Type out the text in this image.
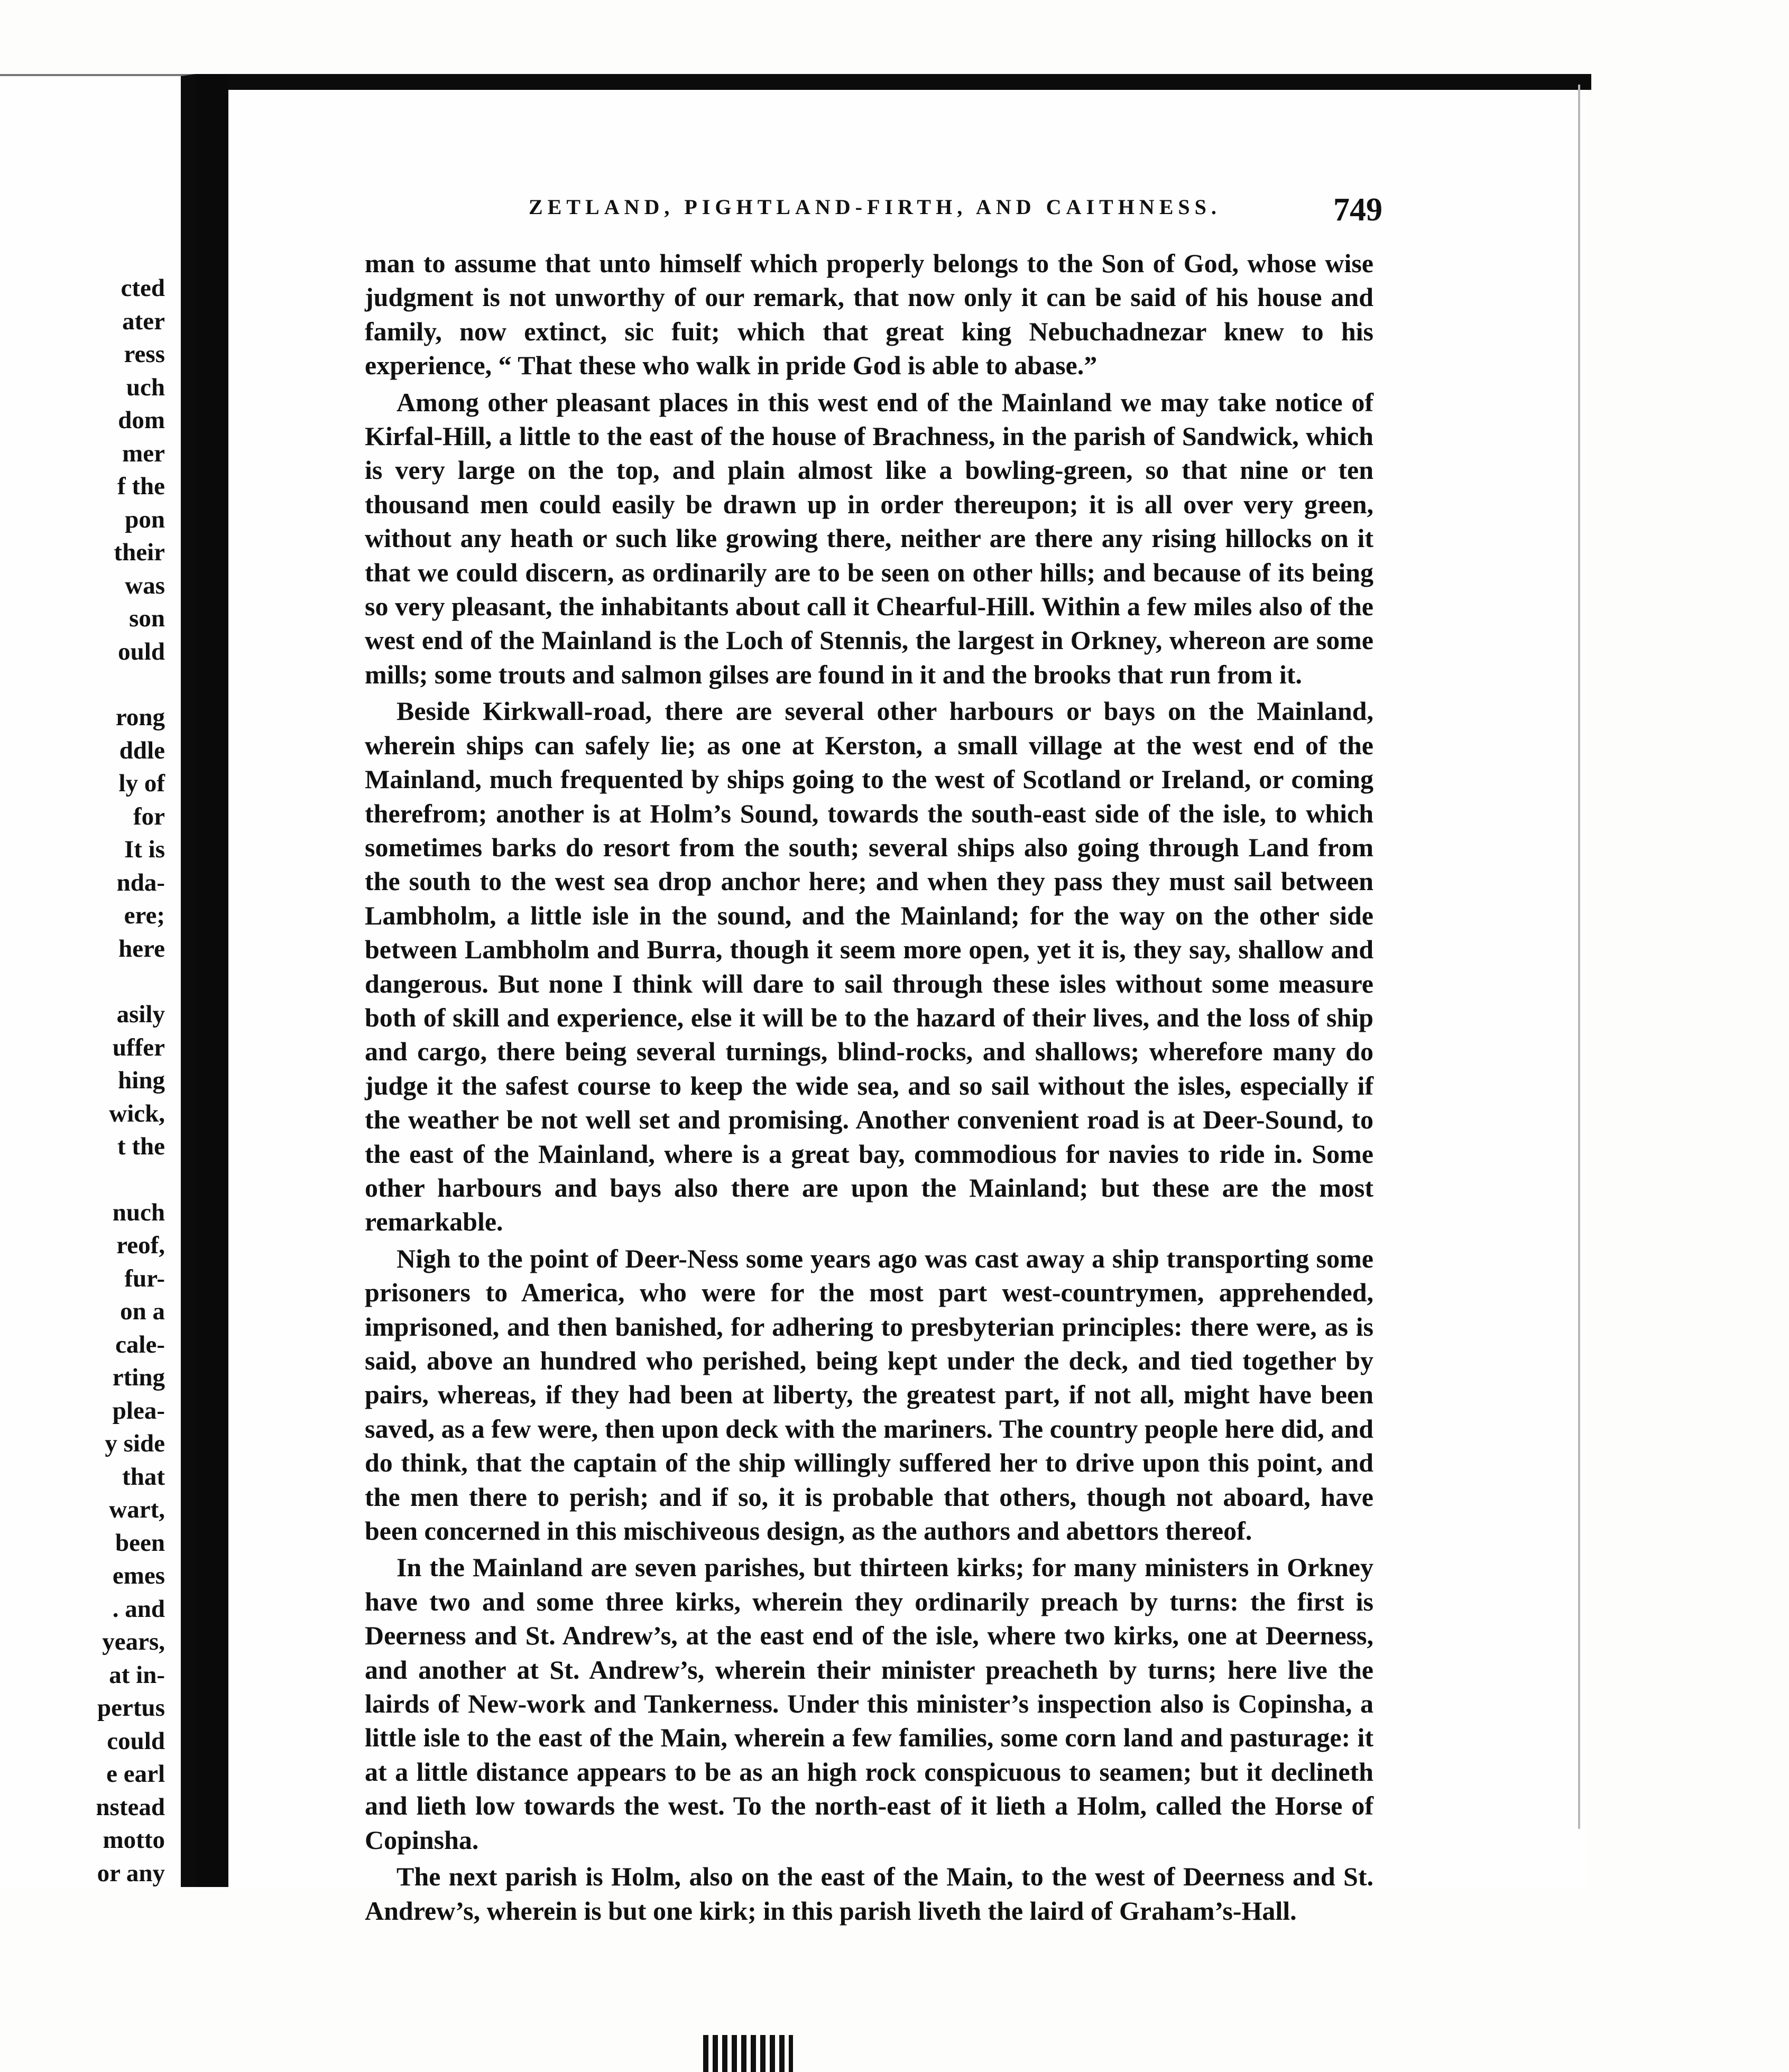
cted
ater
ress
uch
dom
mer
f the
pon
their
was
son
ould
rong
ddle
ly of
for
It is
nda-
ere;
here
asily
uffer
hing
wick,
t the
nuch
reof,
fur-
on a
cale-
rting
plea-
y side
that
wart,
been
emes
. and
years,
at in-
pertus
could
e earl
nstead
motto
or any
ZETLAND, PIGHTLAND-FIRTH, AND CAITHNESS.	749

man to assume that unto himself which properly belongs to the Son of God, whose wise judgment is not unworthy of our remark, that now only it can be said of his house and family, now extinct, sic fuit; which that great king Nebuchadnezar knew to his experience, “ That these who walk in pride God is able to abase.”

Among other pleasant places in this west end of the Mainland we may take notice of Kirfal-Hill, a little to the east of the house of Brachness, in the parish of Sandwick, which is very large on the top, and plain almost like a bowling-green, so that nine or ten thousand men could easily be drawn up in order thereupon; it is all over very green, without any heath or such like growing there, neither are there any rising hillocks on it that we could discern, as ordinarily are to be seen on other hills; and because of its being so very pleasant, the inhabitants about call it Chearful-Hill. Within a few miles also of the west end of the Mainland is the Loch of Stennis, the largest in Orkney, whereon are some mills; some trouts and salmon gilses are found in it and the brooks that run from it.

Beside Kirkwall-road, there are several other harbours or bays on the Mainland, wherein ships can safely lie; as one at Kerston, a small village at the west end of the Mainland, much frequented by ships going to the west of Scotland or Ireland, or coming therefrom; another is at Holm’s Sound, towards the south-east side of the isle, to which sometimes barks do resort from the south; several ships also going through Land from the south to the west sea drop anchor here; and when they pass they must sail between Lambholm, a little isle in the sound, and the Mainland; for the way on the other side between Lambholm and Burra, though it seem more open, yet it is, they say, shallow and dangerous. But none I think will dare to sail through these isles without some measure both of skill and experience, else it will be to the hazard of their lives, and the loss of ship and cargo, there being several turnings, blind-rocks, and shallows; wherefore many do judge it the safest course to keep the wide sea, and so sail without the isles, especially if the weather be not well set and promising. Another convenient road is at Deer-Sound, to the east of the Mainland, where is a great bay, commodious for navies to ride in. Some other harbours and bays also there are upon the Mainland; but these are the most remarkable.

Nigh to the point of Deer-Ness some years ago was cast away a ship transporting some prisoners to America, who were for the most part west-countrymen, apprehended, imprisoned, and then banished, for adhering to presbyterian principles: there were, as is said, above an hundred who perished, being kept under the deck, and tied together by pairs, whereas, if they had been at liberty, the greatest part, if not all, might have been saved, as a few were, then upon deck with the mariners. The country people here did, and do think, that the captain of the ship willingly suffered her to drive upon this point, and the men there to perish; and if so, it is probable that others, though not aboard, have been concerned in this mischiveous design, as the authors and abettors thereof.

In the Mainland are seven parishes, but thirteen kirks; for many ministers in Orkney have two and some three kirks, wherein they ordinarily preach by turns: the first is Deerness and St. Andrew’s, at the east end of the isle, where two kirks, one at Deerness, and another at St. Andrew’s, wherein their minister preacheth by turns; here live the lairds of New-work and Tankerness. Under this minister’s inspection also is Copinsha, a little isle to the east of the Main, wherein a few families, some corn land and pasturage: it at a little distance appears to be as an high rock conspicuous to seamen; but it declineth and lieth low towards the west. To the north-east of it lieth a Holm, called the Horse of Copinsha.

The next parish is Holm, also on the east of the Main, to the west of Deerness and St. Andrew’s, wherein is but one kirk; in this parish liveth the laird of Graham’s-Hall.
